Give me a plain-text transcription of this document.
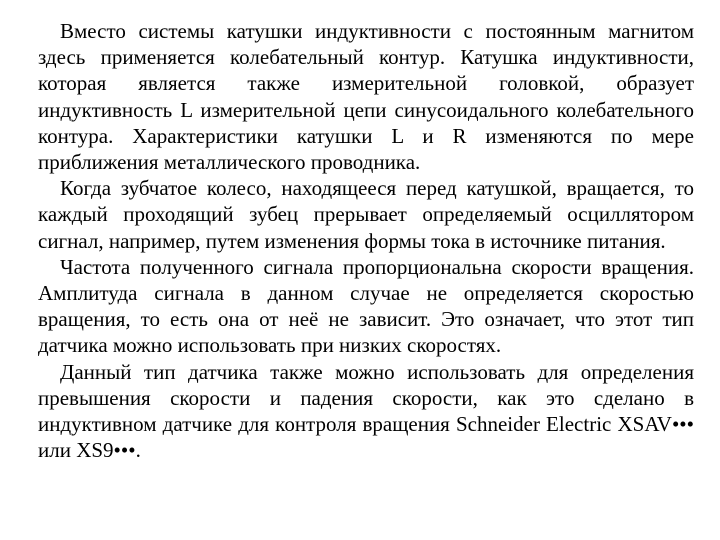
Вместо системы катушки индуктивности с постоянным магнитом здесь применяется колебательный контур. Катушка индуктивности, которая является также измерительной головкой, образует индуктивность L измерительной цепи синусоидального колебательного контура. Характеристики катушки L и R изменяются по мере приближения металлического проводника.

Когда зубчатое колесо, находящееся перед катушкой, вращается, то каждый проходящий зубец прерывает определяемый осциллятором сигнал, например, путем изменения формы тока в источнике питания.

Частота полученного сигнала пропорциональна скорости вращения. Амплитуда сигнала в данном случае не определяется скоростью вращения, то есть она от неё не зависит. Это означает, что этот тип датчика можно использовать при низких скоростях.

Данный тип датчика также можно использовать для определения превышения скорости и падения скорости, как это сделано в индуктивном датчике для контроля вращения Schneider Electric XSAV••• или XS9•••.
